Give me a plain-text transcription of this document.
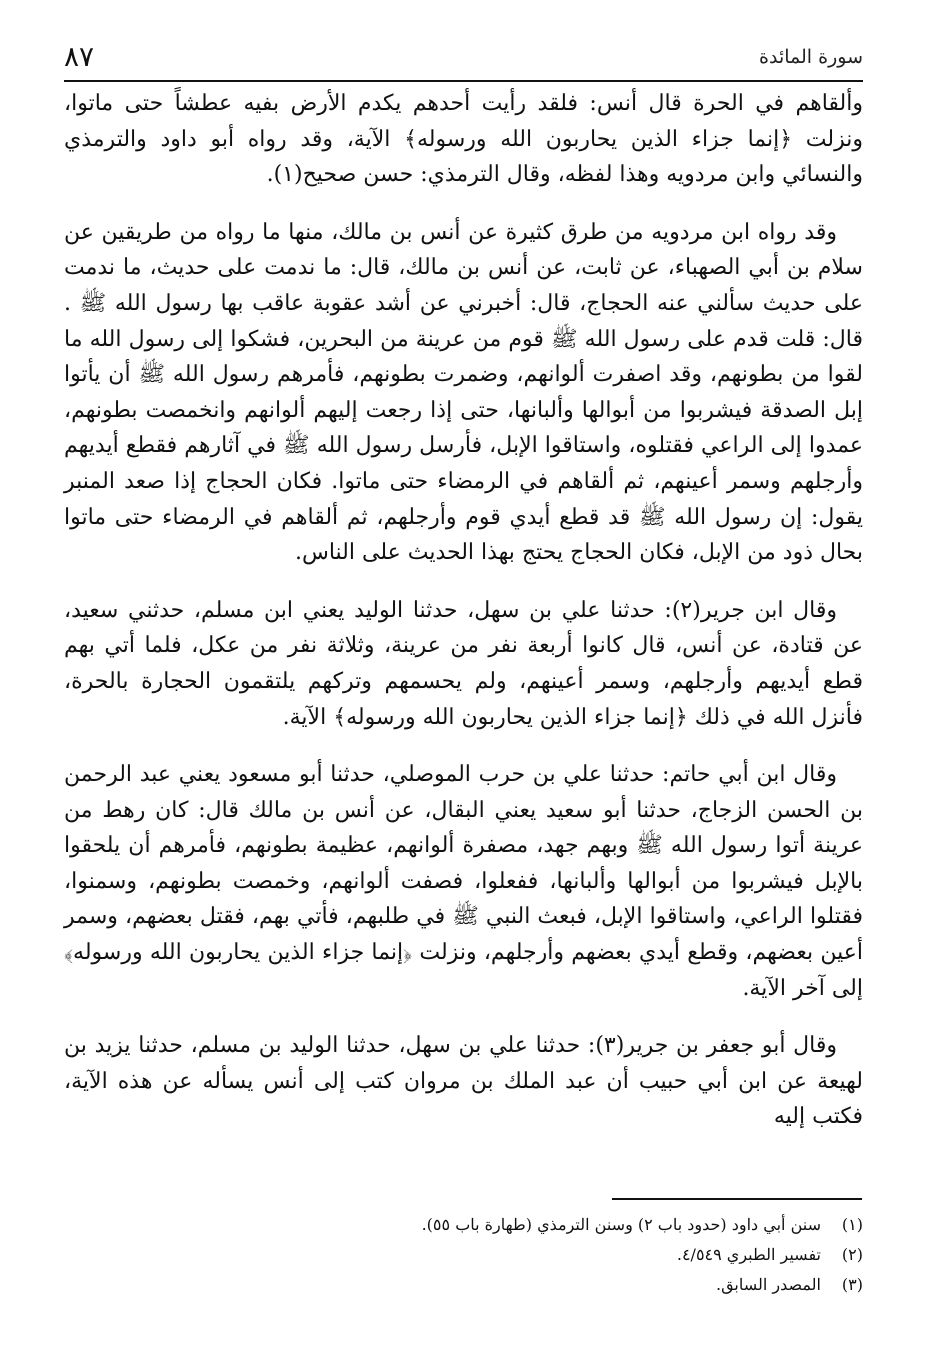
سورة المائدة
٨٧

وألقاهم في الحرة قال أنس: فلقد رأيت أحدهم يكدم الأرض بفيه عطشاً حتى ماتوا، ونزلت ﴿إنما جزاء الذين يحاربون الله ورسوله﴾ الآية، وقد رواه أبو داود والترمذي والنسائي وابن مردويه وهذا لفظه، وقال الترمذي: حسن صحيح(١).

وقد رواه ابن مردويه من طرق كثيرة عن أنس بن مالك، منها ما رواه من طريقين عن سلام بن أبي الصهباء، عن ثابت، عن أنس بن مالك، قال: ما ندمت على حديث، ما ندمت على حديث سألني عنه الحجاج، قال: أخبرني عن أشد عقوبة عاقب بها رسول الله ﷺ . قال: قلت قدم على رسول الله ﷺ قوم من عرينة من البحرين، فشكوا إلى رسول الله ما لقوا من بطونهم، وقد اصفرت ألوانهم، وضمرت بطونهم، فأمرهم رسول الله ﷺ أن يأتوا إبل الصدقة فيشربوا من أبوالها وألبانها، حتى إذا رجعت إليهم ألوانهم وانخمصت بطونهم، عمدوا إلى الراعي فقتلوه، واستاقوا الإبل، فأرسل رسول الله ﷺ في آثارهم فقطع أيديهم وأرجلهم وسمر أعينهم، ثم ألقاهم في الرمضاء حتى ماتوا. فكان الحجاج إذا صعد المنبر يقول: إن رسول الله ﷺ قد قطع أيدي قوم وأرجلهم، ثم ألقاهم في الرمضاء حتى ماتوا بحال ذود من الإبل، فكان الحجاج يحتج بهذا الحديث على الناس.

وقال ابن جرير(٢): حدثنا علي بن سهل، حدثنا الوليد يعني ابن مسلم، حدثني سعيد، عن قتادة، عن أنس، قال كانوا أربعة نفر من عرينة، وثلاثة نفر من عكل، فلما أتي بهم قطع أيديهم وأرجلهم، وسمر أعينهم، ولم يحسمهم وتركهم يلتقمون الحجارة بالحرة، فأنزل الله في ذلك ﴿إنما جزاء الذين يحاربون الله ورسوله﴾ الآية.

وقال ابن أبي حاتم: حدثنا علي بن حرب الموصلي، حدثنا أبو مسعود يعني عبد الرحمن بن الحسن الزجاج، حدثنا أبو سعيد يعني البقال، عن أنس بن مالك قال: كان رهط من عرينة أتوا رسول الله ﷺ وبهم جهد، مصفرة ألوانهم، عظيمة بطونهم، فأمرهم أن يلحقوا بالإبل فيشربوا من أبوالها وألبانها، ففعلوا، فصفت ألوانهم، وخمصت بطونهم، وسمنوا، فقتلوا الراعي، واستاقوا الإبل، فبعث النبي ﷺ في طلبهم، فأتي بهم، فقتل بعضهم، وسمر أعين بعضهم، وقطع أيدي بعضهم وأرجلهم، ونزلت ﴿إنما جزاء الذين يحاربون الله ورسوله﴾ إلى آخر الآية.

وقال أبو جعفر بن جرير(٣): حدثنا علي بن سهل، حدثنا الوليد بن مسلم، حدثنا يزيد بن لهيعة عن ابن أبي حبيب أن عبد الملك بن مروان كتب إلى أنس يسأله عن هذه الآية، فكتب إليه

(١)سنن أبي داود (حدود باب ٢) وسنن الترمذي (طهارة باب ٥٥).
(٢)تفسير الطبري ٤/٥٤٩.
(٣)المصدر السابق.
